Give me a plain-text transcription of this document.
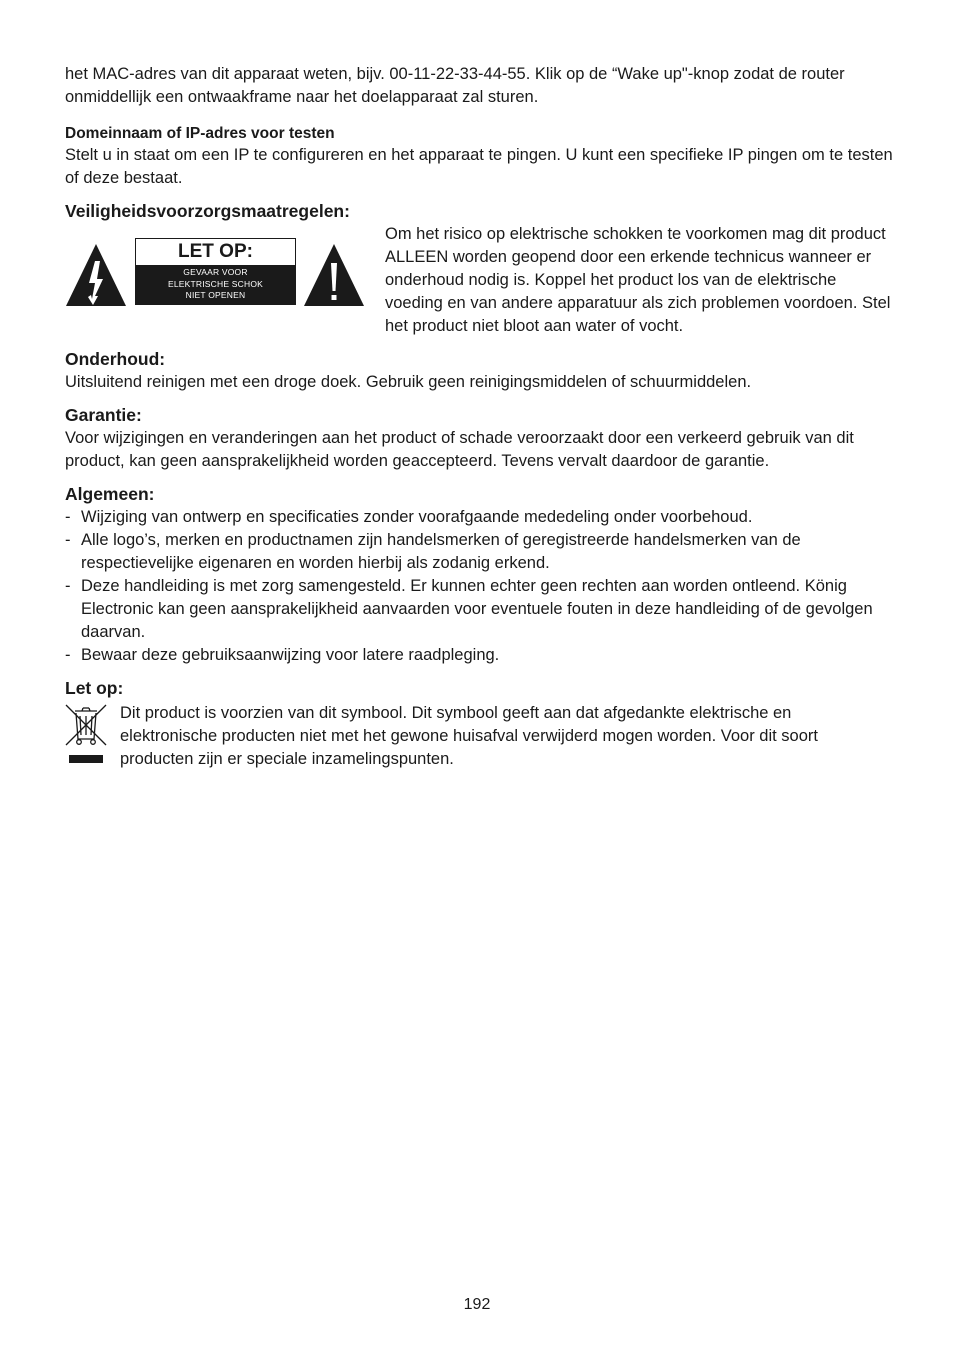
het MAC-adres van dit apparaat weten, bijv. 00-11-22-33-44-55. Klik op de “Wake up"-knop zodat de router onmiddellijk een ontwaakframe naar het doelapparaat zal sturen.

Domeinnaam of IP-adres voor testen

Stelt u in staat om een IP te configureren en het apparaat te pingen. U kunt een specifieke IP pingen om te testen of deze bestaat.

Veiligheidsvoorzorgsmaatregelen:
LET OP:
GEVAAR VOOR
ELEKTRISCHE SCHOK
NIET OPENEN

Om het risico op elektrische schokken te voorkomen mag dit product ALLEEN worden geopend door een erkende technicus wanneer er onderhoud nodig is. Koppel het product los van de elektrische voeding en van andere apparatuur als zich problemen voordoen. Stel het product niet bloot aan water of vocht.

Onderhoud:

Uitsluitend reinigen met een droge doek. Gebruik geen reinigingsmiddelen of schuurmiddelen.

Garantie:

Voor wijzigingen en veranderingen aan het product of schade veroorzaakt door een verkeerd gebruik van dit product, kan geen aansprakelijkheid worden geaccepteerd. Tevens vervalt daardoor de garantie.

Algemeen:
- Wijziging van ontwerp en specificaties zonder voorafgaande mededeling onder voorbehoud.
- Alle logo’s, merken en productnamen zijn handelsmerken of geregistreerde handelsmerken van de respectievelijke eigenaren en worden hierbij als zodanig erkend.
- Deze handleiding is met zorg samengesteld. Er kunnen echter geen rechten aan worden ontleend. König Electronic kan geen aansprakelijkheid aanvaarden voor eventuele fouten in deze handleiding of de gevolgen daarvan.
- Bewaar deze gebruiksaanwijzing voor latere raadpleging.
Let op:

Dit product is voorzien van dit symbool. Dit symbool geeft aan dat afgedankte elektrische en elektronische producten niet met het gewone huisafval verwijderd mogen worden. Voor dit soort producten zijn er speciale inzamelingspunten.

192
